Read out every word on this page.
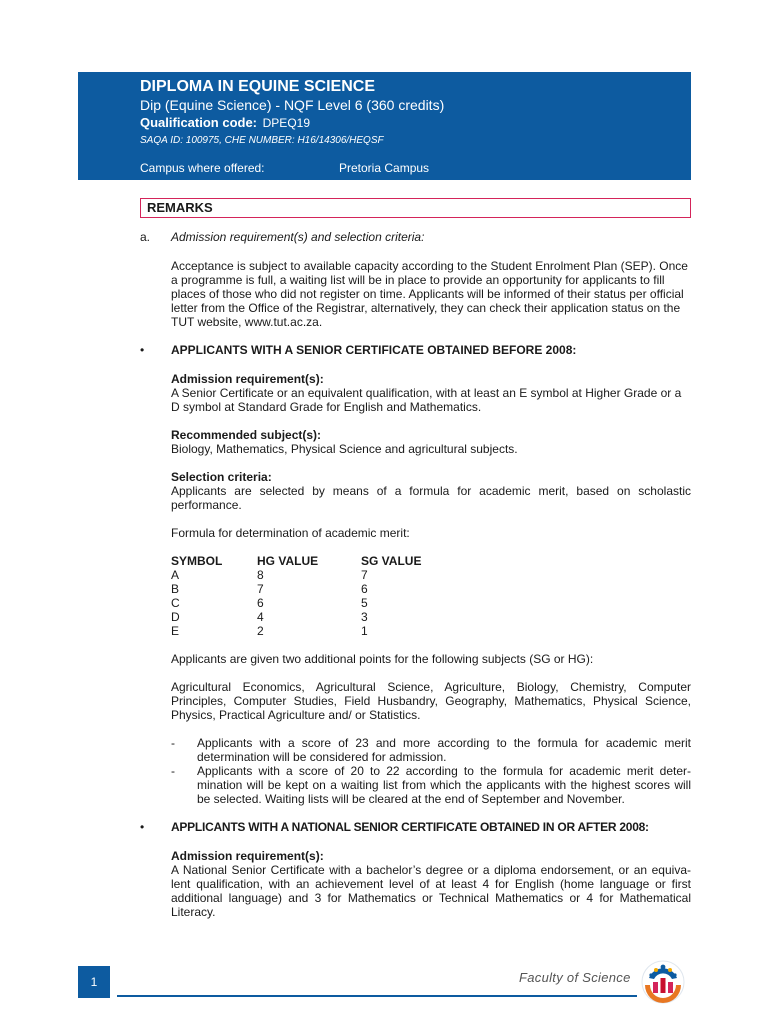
DIPLOMA IN EQUINE SCIENCE
Dip (Equine Science) - NQF Level 6 (360 credits)
Qualification code: DPEQ19
SAQA ID: 100975, CHE NUMBER: H16/14306/HEQSF
Campus where offered:	Pretoria Campus
REMARKS
a.	Admission requirement(s) and selection criteria:
Acceptance is subject to available capacity according to the Student Enrolment Plan (SEP). Once a programme is full, a waiting list will be in place to provide an opportunity for applicants to fill places of those who did not register on time. Applicants will be informed of their status per official letter from the Office of the Registrar, alternatively, they can check their application status on the TUT website, www.tut.ac.za.
•	APPLICANTS WITH A SENIOR CERTIFICATE OBTAINED BEFORE 2008:
Admission requirement(s):
A Senior Certificate or an equivalent qualification, with at least an E symbol at Higher Grade or a D symbol at Standard Grade for English and Mathematics.
Recommended subject(s):
Biology, Mathematics, Physical Science and agricultural subjects.
Selection criteria:
Applicants are selected by means of a formula for academic merit, based on scholastic performance.
Formula for determination of academic merit:
SYMBOL	HG VALUE	SG VALUE
A	8	7
B	7	6
C	6	5
D	4	3
E	2	1
Applicants are given two additional points for the following subjects (SG or HG):
Agricultural Economics, Agricultural Science, Agriculture, Biology, Chemistry, Computer Principles, Computer Studies, Field Husbandry, Geography, Mathematics, Physical Science, Physics, Practical Agriculture and/ or Statistics.
-	Applicants with a score of 23 and more according to the formula for academic merit determination will be considered for admission.
-	Applicants with a score of 20 to 22 according to the formula for academic merit deter-mination will be kept on a waiting list from which the applicants with the highest scores will be selected. Waiting lists will be cleared at the end of September and November.
•	APPLICANTS WITH A NATIONAL SENIOR CERTIFICATE OBTAINED IN OR AFTER 2008:
Admission requirement(s):
A National Senior Certificate with a bachelor’s degree or a diploma endorsement, or an equiva-lent qualification, with an achievement level of at least 4 for English (home language or first additional language) and 3 for Mathematics or Technical Mathematics or 4 for Mathematical Literacy.
1	Faculty of Science
